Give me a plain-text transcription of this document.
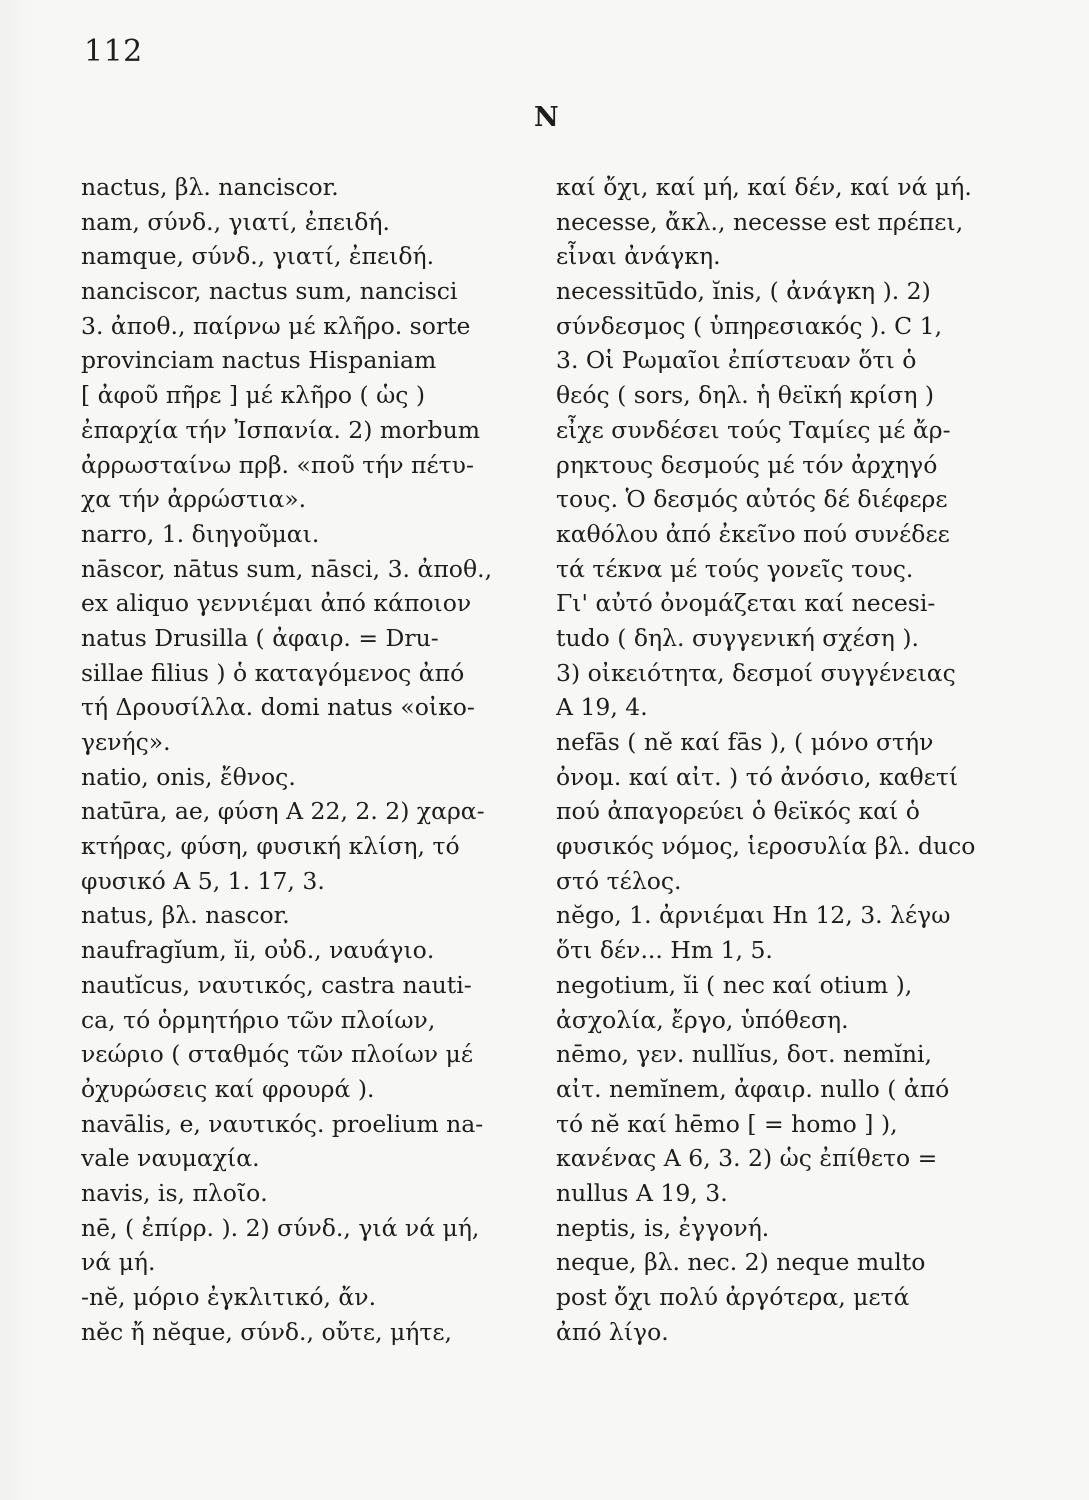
112
N
nactus, βλ. nanciscor.
nam, σύνδ., γιατί, ἐπειδή.
namque, σύνδ., γιατί, ἐπειδή.
nanciscor, nactus sum, nancisci
3. ἀποθ., παίρνω μέ κλῆρο. sorte
provinciam nactus Hispaniam
[ ἀφοῦ πῆρε ] μέ κλῆρο ( ὡς )
ἐπαρχία τήν Ἰσπανία. 2) morbum
ἀρρωσταίνω πρβ. «ποῦ τήν πέτυ-
χα τήν ἀρρώστια».
narro, 1. διηγοῦμαι.
nāscor, nātus sum, nāsci, 3. ἀποθ.,
ex aliquo γεννιέμαι ἀπό κάποιον
natus Drusilla ( ἀφαιρ. = Dru-
sillae filius ) ὁ καταγόμενος ἀπό
τή Δρουσίλλα. domi natus «οἰκο-
γενής».
natio, onis, ἔθνος.
natūra, ae, φύση Α 22, 2. 2) χαρα-
κτήρας, φύση, φυσική κλίση, τό
φυσικό Α 5, 1. 17, 3.
natus, βλ. nascor.
naufragĭum, ĭi, οὐδ., ναυάγιο.
nautĭcus, ναυτικός, castra nauti-
ca, τό ὁρμητήριο τῶν πλοίων,
νεώριο ( σταθμός τῶν πλοίων μέ
ὀχυρώσεις καί φρουρά ).
navālis, e, ναυτικός. proelium na-
vale ναυμαχία.
navis, is, πλοῖο.
nē, ( ἐπίρρ. ). 2) σύνδ., γιά νά μή,
νά μή.
-nĕ, μόριο ἐγκλιτικό, ἄν.
nĕc ἤ nĕque, σύνδ., οὔτε, μήτε,
καί ὄχι, καί μή, καί δέν, καί νά μή.
necesse, ἄκλ., necesse est πρέπει,
εἶναι ἀνάγκη.
necessitūdo, ĭnis, ( ἀνάγκη ). 2)
σύνδεσμος ( ὑπηρεσιακός ). C 1,
3. Οἱ Ρωμαῖοι ἐπίστευαν ὅτι ὁ
θεός ( sors, δηλ. ἡ θεϊκή κρίση )
εἶχε συνδέσει τούς Ταμίες μέ ἄρ-
ρηκτους δεσμούς μέ τόν ἀρχηγό
τους. Ὁ δεσμός αὐτός δέ διέφερε
καθόλου ἀπό ἐκεῖνο πού συνέδεε
τά τέκνα μέ τούς γονεῖς τους.
Γι' αὐτό ὀνομάζεται καί necesi-
tudo ( δηλ. συγγενική σχέση ).
3) οἰκειότητα, δεσμοί συγγένειας
Α 19, 4.
nefās ( nĕ καί fās ), ( μόνο στήν
ὀνομ. καί αἰτ. ) τό ἀνόσιο, καθετί
πού ἀπαγορεύει ὁ θεϊκός καί ὁ
φυσικός νόμος, ἱεροσυλία βλ. duco
στό τέλος.
nĕgo, 1. ἀρνιέμαι Ηn 12, 3. λέγω
ὅτι δέν... Hm 1, 5.
negotium, ĭi ( nec καί otium ),
ἀσχολία, ἔργο, ὑπόθεση.
nēmo, γεν. nullĭus, δοτ. nemĭni,
αἰτ. nemĭnem, ἀφαιρ. nullo ( ἀπό
τό nĕ καί hēmo [ = homo ] ),
κανένας Α 6, 3. 2) ὡς ἐπίθετο =
nullus Α 19, 3.
neptis, is, ἐγγονή.
neque, βλ. nec. 2) neque multo
post ὄχι πολύ ἀργότερα, μετά
ἀπό λίγο.
